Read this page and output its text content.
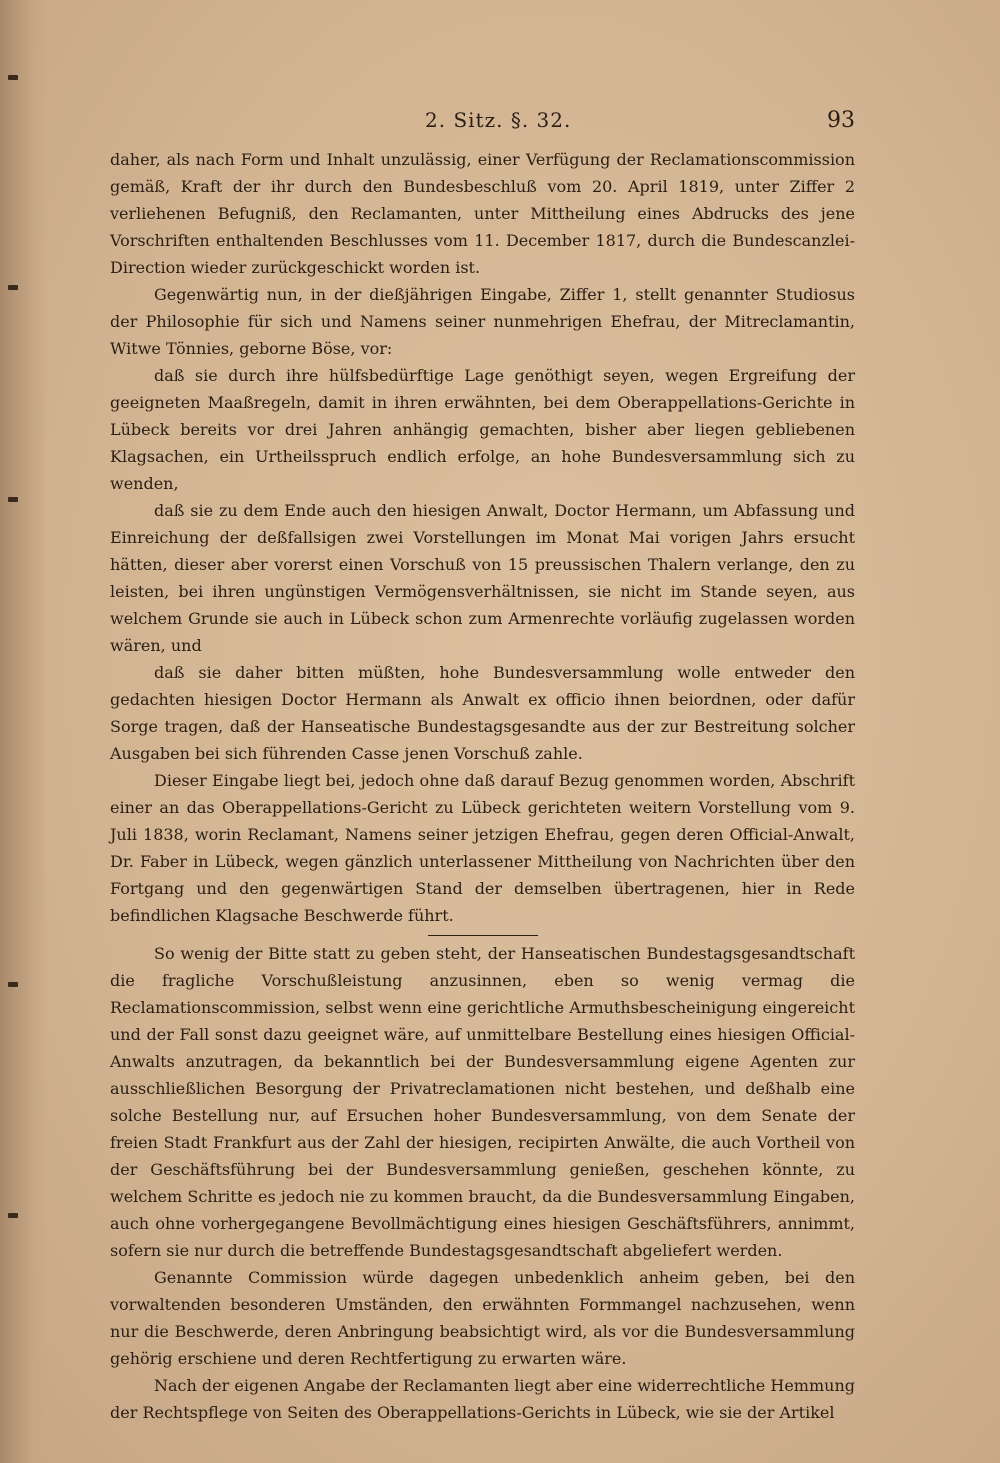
2. Sitz. §. 32.	93

daher, als nach Form und Inhalt unzulässig, einer Verfügung der Reclamationscommission gemäß, Kraft der ihr durch den Bundesbeschluß vom 20. April 1819, unter Ziffer 2 verliehenen Befugniß, den Reclamanten, unter Mittheilung eines Abdrucks des jene Vorschriften enthaltenden Beschlusses vom 11. December 1817, durch die Bundescanzlei-Direction wieder zurückgeschickt worden ist.

Gegenwärtig nun, in der dießjährigen Eingabe, Ziffer 1, stellt genannter Studiosus der Philosophie für sich und Namens seiner nunmehrigen Ehefrau, der Mitreclamantin, Witwe Tönnies, geborne Böse, vor:

daß sie durch ihre hülfsbedürftige Lage genöthigt seyen, wegen Ergreifung der geeigneten Maaßregeln, damit in ihren erwähnten, bei dem Oberappellations-Gerichte in Lübeck bereits vor drei Jahren anhängig gemachten, bisher aber liegen gebliebenen Klagsachen, ein Urtheilsspruch endlich erfolge, an hohe Bundesversammlung sich zu wenden,

daß sie zu dem Ende auch den hiesigen Anwalt, Doctor Hermann, um Abfassung und Einreichung der deßfallsigen zwei Vorstellungen im Monat Mai vorigen Jahrs ersucht hätten, dieser aber vorerst einen Vorschuß von 15 preussischen Thalern verlange, den zu leisten, bei ihren ungünstigen Vermögensverhältnissen, sie nicht im Stande seyen, aus welchem Grunde sie auch in Lübeck schon zum Armenrechte vorläufig zugelassen worden wären, und

daß sie daher bitten müßten, hohe Bundesversammlung wolle entweder den gedachten hiesigen Doctor Hermann als Anwalt ex officio ihnen beiordnen, oder dafür Sorge tragen, daß der Hanseatische Bundestagsgesandte aus der zur Bestreitung solcher Ausgaben bei sich führenden Casse jenen Vorschuß zahle.

Dieser Eingabe liegt bei, jedoch ohne daß darauf Bezug genommen worden, Abschrift einer an das Oberappellations-Gericht zu Lübeck gerichteten weitern Vorstellung vom 9. Juli 1838, worin Reclamant, Namens seiner jetzigen Ehefrau, gegen deren Official-Anwalt, Dr. Faber in Lübeck, wegen gänzlich unterlassener Mittheilung von Nachrichten über den Fortgang und den gegenwärtigen Stand der demselben übertragenen, hier in Rede befindlichen Klagsache Beschwerde führt.

So wenig der Bitte statt zu geben steht, der Hanseatischen Bundestagsgesandtschaft die fragliche Vorschußleistung anzusinnen, eben so wenig vermag die Reclamationscommission, selbst wenn eine gerichtliche Armuthsbescheinigung eingereicht und der Fall sonst dazu geeignet wäre, auf unmittelbare Bestellung eines hiesigen Official-Anwalts anzutragen, da bekanntlich bei der Bundesversammlung eigene Agenten zur ausschließlichen Besorgung der Privatreclamationen nicht bestehen, und deßhalb eine solche Bestellung nur, auf Ersuchen hoher Bundesversammlung, von dem Senate der freien Stadt Frankfurt aus der Zahl der hiesigen, recipirten Anwälte, die auch Vortheil von der Geschäftsführung bei der Bundesversammlung genießen, geschehen könnte, zu welchem Schritte es jedoch nie zu kommen braucht, da die Bundesversammlung Eingaben, auch ohne vorhergegangene Bevollmächtigung eines hiesigen Geschäftsführers, annimmt, sofern sie nur durch die betreffende Bundestagsgesandtschaft abgeliefert werden.

Genannte Commission würde dagegen unbedenklich anheim geben, bei den vorwaltenden besonderen Umständen, den erwähnten Formmangel nachzusehen, wenn nur die Beschwerde, deren Anbringung beabsichtigt wird, als vor die Bundesversammlung gehörig erschiene und deren Rechtfertigung zu erwarten wäre.

Nach der eigenen Angabe der Reclamanten liegt aber eine widerrechtliche Hemmung der Rechtspflege von Seiten des Oberappellations-Gerichts in Lübeck, wie sie der Artikel
